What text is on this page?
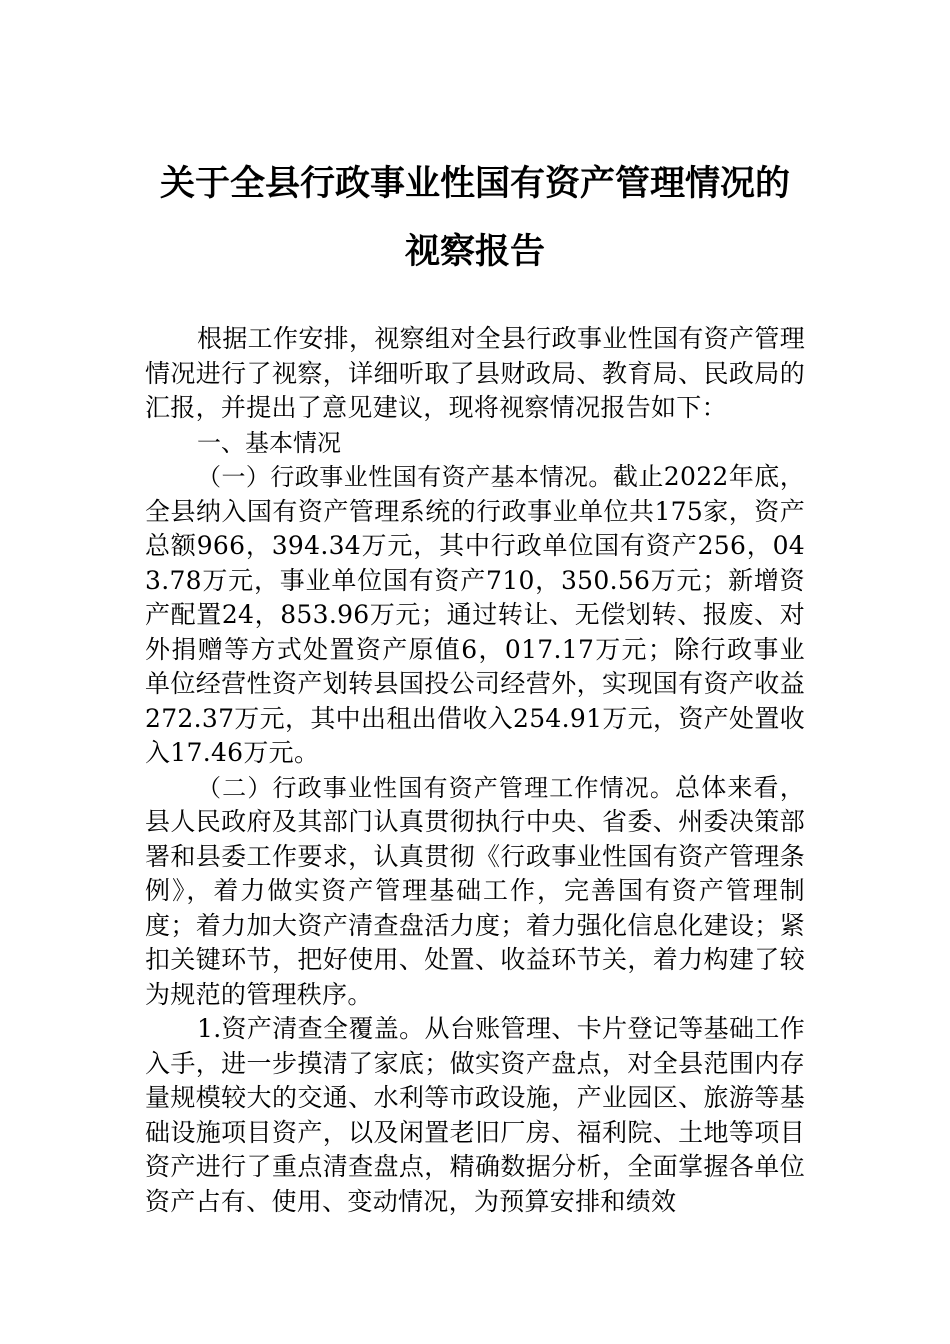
关于全县行政事业性国有资产管理情况的
视察报告

根据工作安排，视察组对全县行政事业性国有资产管理情况进行了视察，详细听取了县财政局、教育局、民政局的汇报，并提出了意见建议，现将视察情况报告如下：

一、基本情况

（一）行政事业性国有资产基本情况。截止2022年底，全县纳入国有资产管理系统的行政事业单位共175家，资产总额966，394.34万元，其中行政单位国有资产256，043.78万元，事业单位国有资产710，350.56万元；新增资产配置24，853.96万元；通过转让、无偿划转、报废、对外捐赠等方式处置资产原值6，017.17万元；除行政事业单位经营性资产划转县国投公司经营外，实现国有资产收益272.37万元，其中出租出借收入254.91万元，资产处置收入17.46万元。

（二）行政事业性国有资产管理工作情况。总体来看，县人民政府及其部门认真贯彻执行中央、省委、州委决策部署和县委工作要求，认真贯彻《行政事业性国有资产管理条例》，着力做实资产管理基础工作，完善国有资产管理制度；着力加大资产清查盘活力度；着力强化信息化建设；紧扣关键环节，把好使用、处置、收益环节关，着力构建了较为规范的管理秩序。

1.资产清查全覆盖。从台账管理、卡片登记等基础工作入手，进一步摸清了家底；做实资产盘点，对全县范围内存量规模较大的交通、水利等市政设施，产业园区、旅游等基础设施项目资产，以及闲置老旧厂房、福利院、土地等项目资产进行了重点清查盘点，精确数据分析，全面掌握各单位资产占有、使用、变动情况，为预算安排和绩效
